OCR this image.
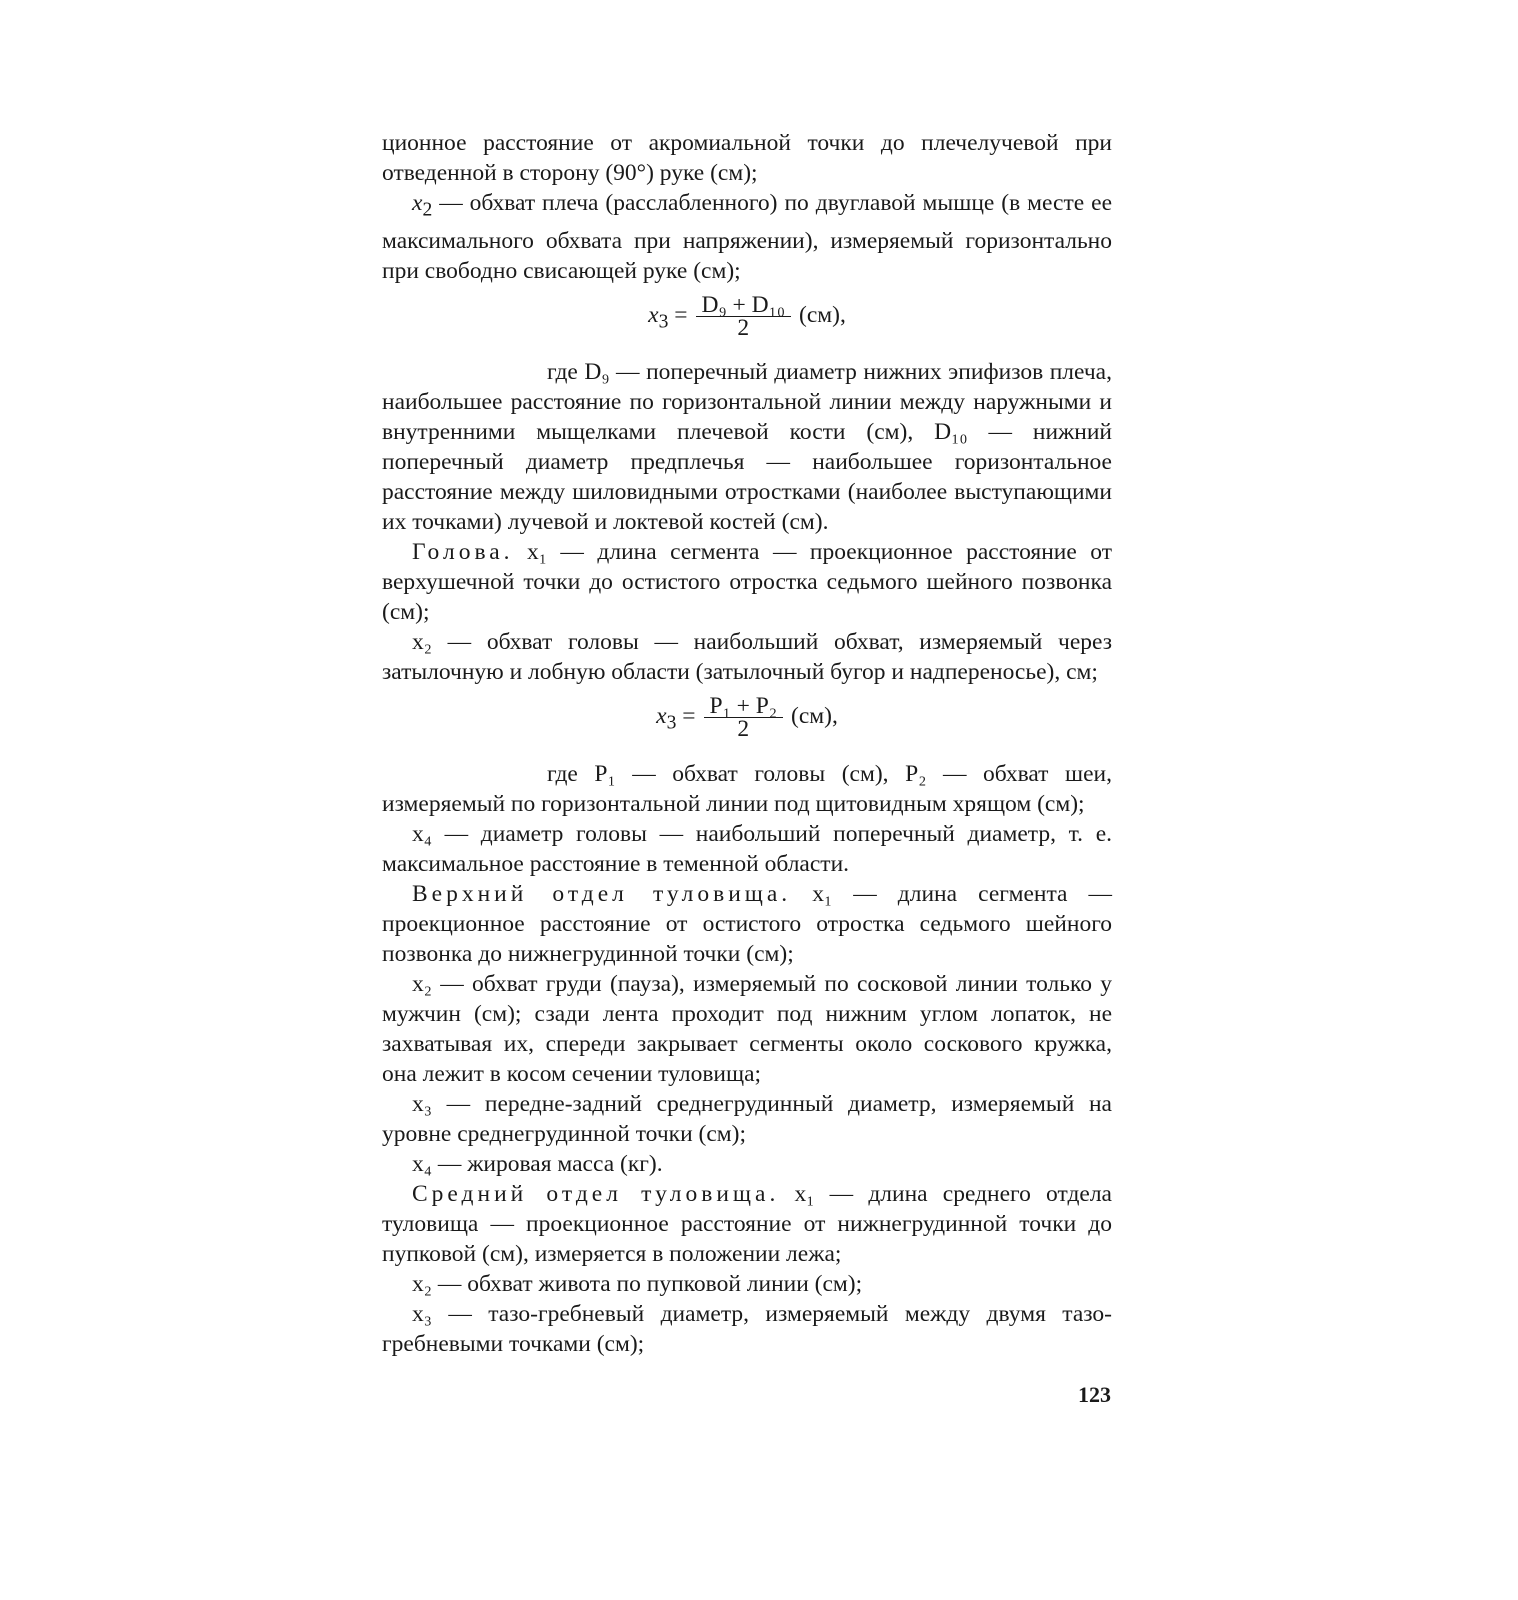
ционное расстояние от акромиальной точки до плечелучевой при отведенной в сторону (90°) руке (см);

$x_2$ — обхват плеча (расслабленного) по двуглавой мышце (в месте ее максимального обхвата при напряжении), измеряемый горизонтально при свободно свисающей руке (см);

$x_3 = \frac{\text{D₉ + D₁₀}}{2} (см)$,

где D₉ — поперечный диаметр нижних эпифизов плеча, наибольшее расстояние по горизонтальной линии между наружными и внутренними мыщелками плечевой кости (см), D₁₀ — нижний поперечный диаметр предплечья — наибольшее горизонтальное расстояние между шиловидными отростками (наиболее выступающими их точками) лучевой и локтевой костей (см).

Голова. x₁ — длина сегмента — проекционное расстояние от верхушечной точки до остистого отростка седьмого шейного позвонка (см);

x₂ — обхват головы — наибольший обхват, измеряемый через затылочную и лобную области (затылочный бугор и надпереносье), см;

$x_3 = \frac{\text{P₁ + P₂}}{2} (см)$,

где P₁ — обхват головы (см), P₂ — обхват шеи, измеряемый по горизонтальной линии под щитовидным хрящом (см);

x₄ — диаметр головы — наибольший поперечный диаметр, т. е. максимальное расстояние в теменной области.

Верхний отдел туловища. x₁ — длина сегмента — проекционное расстояние от остистого отростка седьмого шейного позвонка до нижнегрудинной точки (см);

x₂ — обхват груди (пауза), измеряемый по сосковой линии только у мужчин (см); сзади лента проходит под нижним углом лопаток, не захватывая их, спереди закрывает сегменты около соскового кружка, она лежит в косом сечении туловища;

x₃ — передне-задний среднегрудинный диаметр, измеряемый на уровне среднегрудинной точки (см);

x₄ — жировая масса (кг).

Средний отдел туловища. x₁ — длина среднего отдела туловища — проекционное расстояние от нижнегрудинной точки до пупковой (см), измеряется в положении лежа;

x₂ — обхват живота по пупковой линии (см);

x₃ — тазо-гребневый диаметр, измеряемый между двумя тазо-гребневыми точками (см);

123
